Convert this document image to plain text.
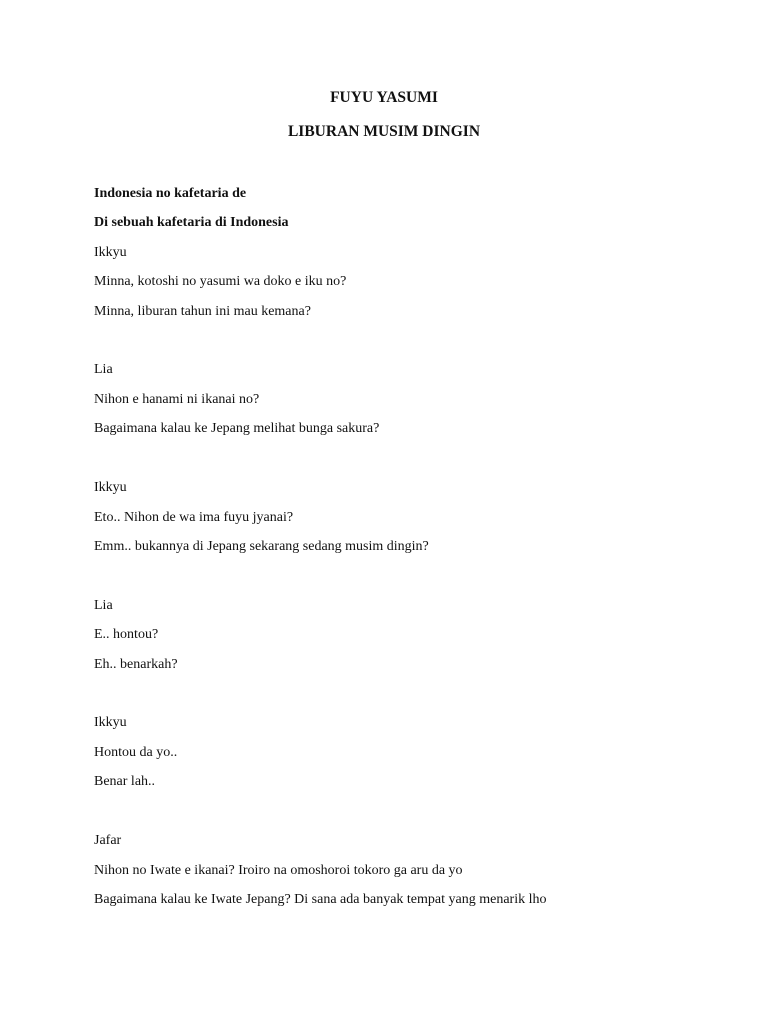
FUYU YASUMI
LIBURAN MUSIM DINGIN
Indonesia no kafetaria de
Di sebuah kafetaria di Indonesia
Ikkyu
Minna, kotoshi no yasumi wa doko e iku no?
Minna, liburan tahun ini mau kemana?
Lia
Nihon e hanami ni ikanai no?
Bagaimana kalau ke Jepang melihat bunga sakura?
Ikkyu
Eto.. Nihon de wa ima fuyu jyanai?
Emm.. bukannya di Jepang sekarang sedang musim dingin?
Lia
E.. hontou?
Eh.. benarkah?
Ikkyu
Hontou da yo..
Benar lah..
Jafar
Nihon no Iwate e ikanai? Iroiro na omoshoroi tokoro ga aru da yo
Bagaimana kalau ke Iwate Jepang? Di sana ada banyak tempat yang menarik lho
